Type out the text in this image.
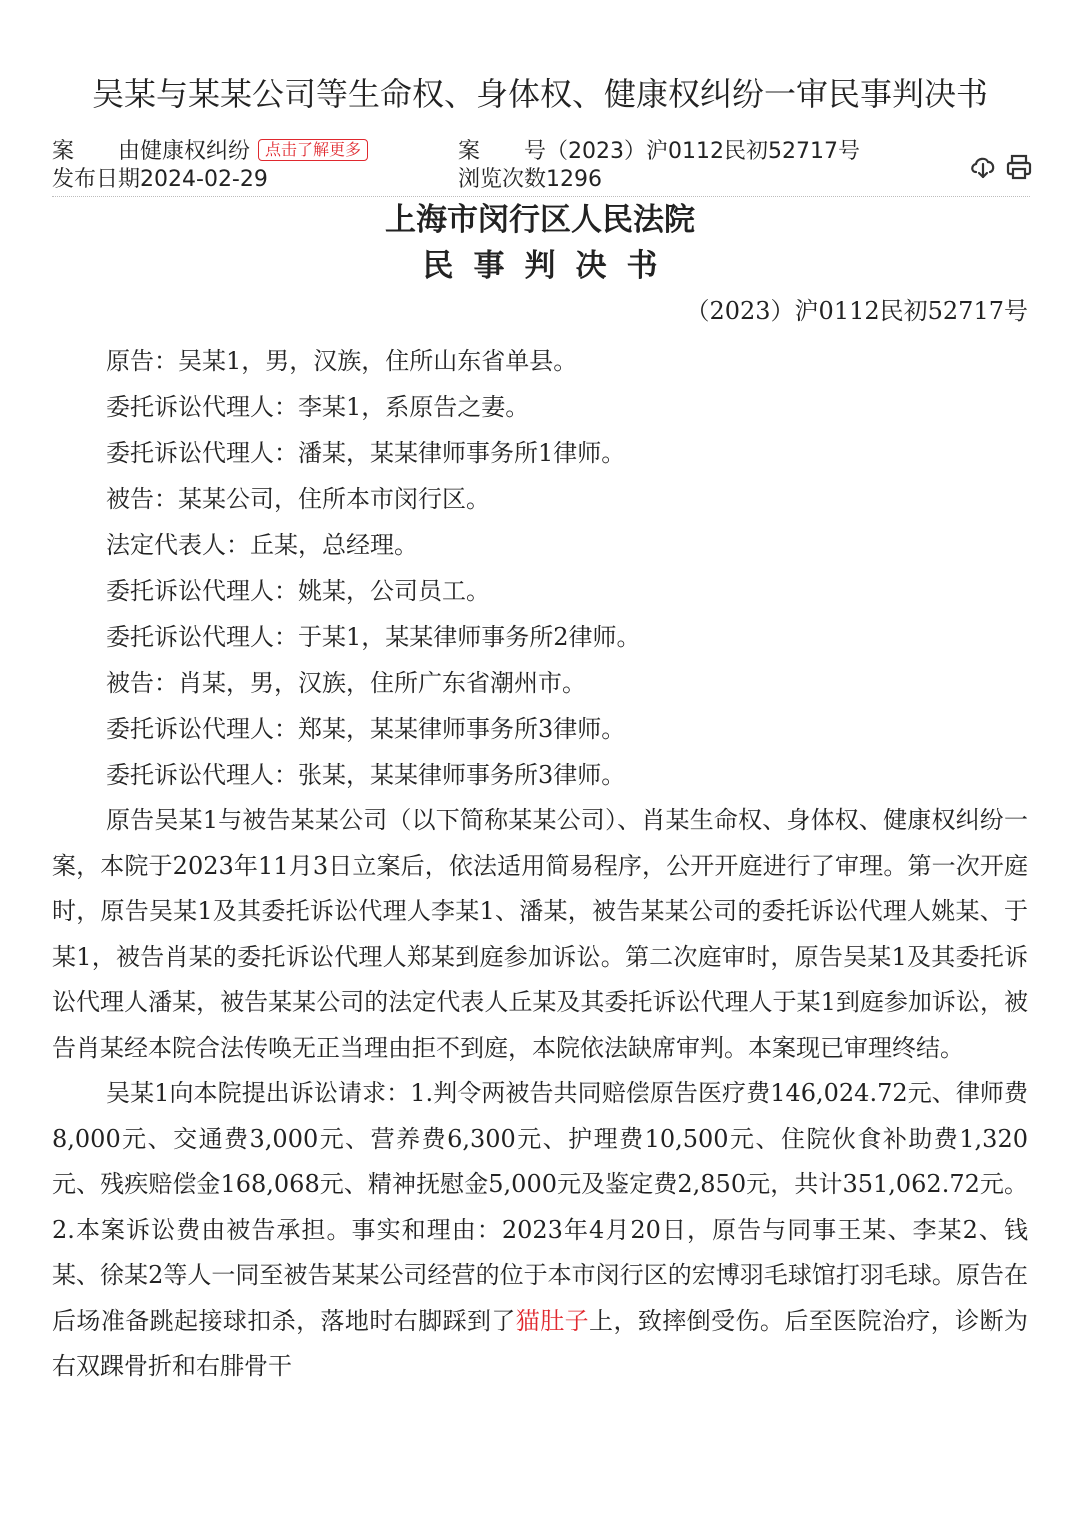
吴某与某某公司等生命权、身体权、健康权纠纷一审民事判决书
案　　由健康权纠纷 点击了解更多
发布日期2024-02-29
案　　号（2023）沪0112民初52717号
浏览次数1296
上海市闵行区人民法院
民事判决书
（2023）沪0112民初52717号
原告：吴某1，男，汉族，住所山东省单县。
委托诉讼代理人：李某1，系原告之妻。
委托诉讼代理人：潘某，某某律师事务所1律师。
被告：某某公司，住所本市闵行区。
法定代表人：丘某，总经理。
委托诉讼代理人：姚某，公司员工。
委托诉讼代理人：于某1，某某律师事务所2律师。
被告：肖某，男，汉族，住所广东省潮州市。
委托诉讼代理人：郑某，某某律师事务所3律师。
委托诉讼代理人：张某，某某律师事务所3律师。

原告吴某1与被告某某公司（以下简称某某公司）、肖某生命权、身体权、健康权纠纷一案，本院于2023年11月3日立案后，依法适用简易程序，公开开庭进行了审理。第一次开庭时，原告吴某1及其委托诉讼代理人李某1、潘某，被告某某公司的委托诉讼代理人姚某、于某1，被告肖某的委托诉讼代理人郑某到庭参加诉讼。第二次庭审时，原告吴某1及其委托诉讼代理人潘某，被告某某公司的法定代表人丘某及其委托诉讼代理人于某1到庭参加诉讼，被告肖某经本院合法传唤无正当理由拒不到庭，本院依法缺席审判。本案现已审理终结。

吴某1向本院提出诉讼请求：1.判令两被告共同赔偿原告医疗费146,024.72元、律师费8,000元、交通费3,000元、营养费6,300元、护理费10,500元、住院伙食补助费1,320元、残疾赔偿金168,068元、精神抚慰金5,000元及鉴定费2,850元，共计351,062.72元。2.本案诉讼费由被告承担。事实和理由：2023年4月20日，原告与同事王某、李某2、钱某、徐某2等人一同至被告某某公司经营的位于本市闵行区的宏博羽毛球馆打羽毛球。原告在后场准备跳起接球扣杀，落地时右脚踩到了猫肚子上，致摔倒受伤。后至医院治疗，诊断为右双踝骨折和右腓骨干
